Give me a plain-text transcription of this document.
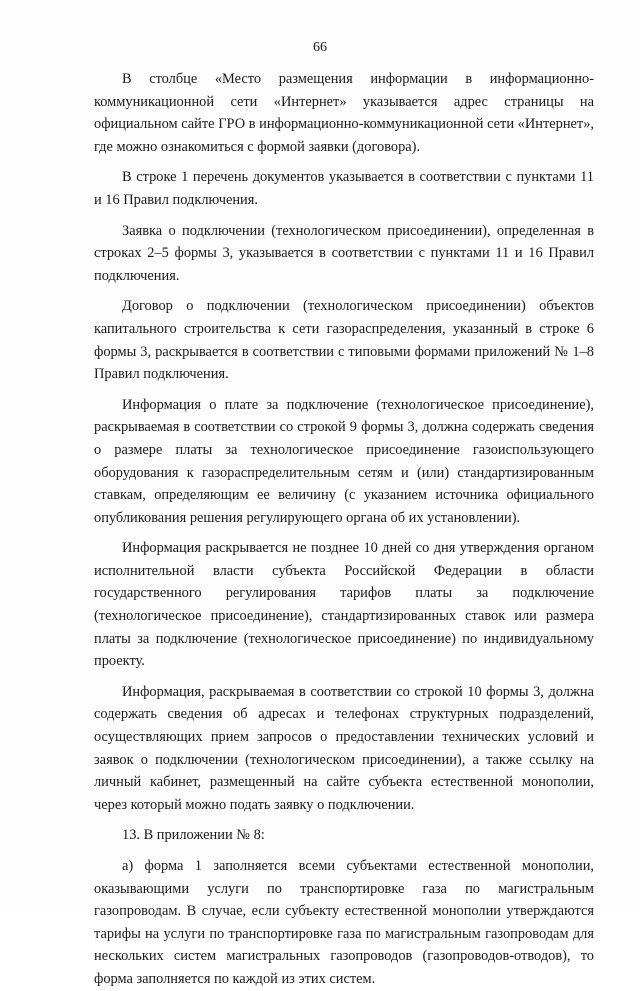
66

В столбце «Место размещения информации в информационно-коммуникационной сети «Интернет» указывается адрес страницы на официальном сайте ГРО в информационно-коммуникационной сети «Интернет», где можно ознакомиться с формой заявки (договора).

В строке 1 перечень документов указывается в соответствии с пунктами 11 и 16 Правил подключения.

Заявка о подключении (технологическом присоединении), определенная в строках 2–5 формы 3, указывается в соответствии с пунктами 11 и 16 Правил подключения.

Договор о подключении (технологическом присоединении) объектов капитального строительства к сети газораспределения, указанный в строке 6 формы 3, раскрывается в соответствии с типовыми формами приложений № 1–8 Правил подключения.

Информация о плате за подключение (технологическое присоединение), раскрываемая в соответствии со строкой 9 формы 3, должна содержать сведения о размере платы за технологическое присоединение газоиспользующего оборудования к газораспределительным сетям и (или) стандартизированным ставкам, определяющим ее величину (с указанием источника официального опубликования решения регулирующего органа об их установлении).

Информация раскрывается не позднее 10 дней со дня утверждения органом исполнительной власти субъекта Российской Федерации в области государственного регулирования тарифов платы за подключение (технологическое присоединение), стандартизированных ставок или размера платы за подключение (технологическое присоединение) по индивидуальному проекту.

Информация, раскрываемая в соответствии со строкой 10 формы 3, должна содержать сведения об адресах и телефонах структурных подразделений, осуществляющих прием запросов о предоставлении технических условий и заявок о подключении (технологическом присоединении), а также ссылку на личный кабинет, размещенный на сайте субъекта естественной монополии, через который можно подать заявку о подключении.

13. В приложении № 8:

а) форма 1 заполняется всеми субъектами естественной монополии, оказывающими услуги по транспортировке газа по магистральным газопроводам. В случае, если субъекту естественной монополии утверждаются тарифы на услуги по транспортировке газа по магистральным газопроводам для нескольких систем магистральных газопроводов (газопроводов-отводов), то форма заполняется по каждой из этих систем.
